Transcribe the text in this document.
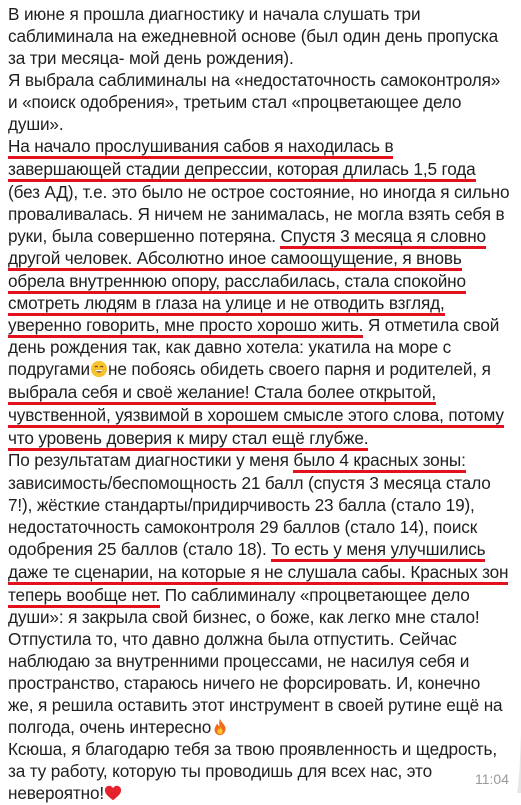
В июне я прошла диагностику и начала слушать три
саблиминала на ежедневной основе (был один день пропуска
за три месяца- мой день рождения).
Я выбрала саблиминалы на «недостаточность самоконтроля»
и «поиск одобрения», третьим стал «процветающее дело
души».
На начало прослушивания сабов я находилась в
завершающей стадии депрессии, которая длилась 1,5 года
(без АД), т.е. это было не острое состояние, но иногда я сильно
проваливалась. Я ничем не занималась, не могла взять себя в
руки, была совершенно потеряна. Спустя 3 месяца я словно
другой человек. Абсолютно иное самоощущение, я вновь
обрела внутреннюю опору, расслабилась, стала спокойно
смотреть людям в глаза на улице и не отводить взгляд,
уверенно говорить, мне просто хорошо жить. Я отметила свой
день рождения так, как давно хотела: укатила на море с
подругами не побоясь обидеть своего парня и родителей, я
выбрала себя и своё желание! Стала более открытой,
чувственной, уязвимой в хорошем смысле этого слова, потому
что уровень доверия к миру стал ещё глубже.
По результатам диагностики у меня было 4 красных зоны:
зависимость/беспомощность 21 балл (спустя 3 месяца стало
7!), жёсткие стандарты/придирчивость 23 балла (стало 19),
недостаточность самоконтроля 29 баллов (стало 14), поиск
одобрения 25 баллов (стало 18). То есть у меня улучшились
даже те сценарии, на которые я не слушала сабы. Красных зон
теперь вообще нет. По саблиминалу «процветающее дело
души»: я закрыла свой бизнес, о боже, как легко мне стало!
Отпустила то, что давно должна была отпустить. Сейчас
наблюдаю за внутренними процессами, не насилуя себя и
пространство, стараюсь ничего не форсировать. И, конечно
же, я решила оставить этот инструмент в своей рутине ещё на
полгода, очень интересно
Ксюша, я благодарю тебя за твою проявленность и щедрость,
за ту работу, которую ты проводишь для всех нас, это
невероятно!
11:04
